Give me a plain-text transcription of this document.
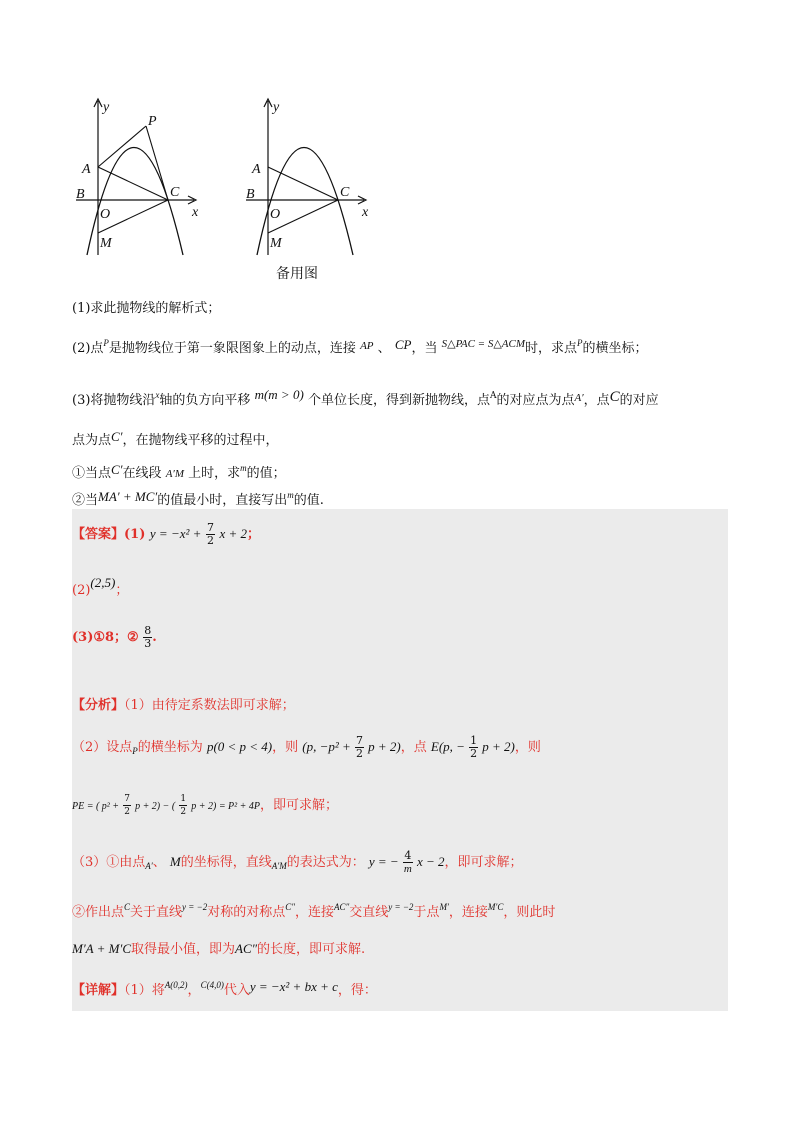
y
P
A
B	C
O	x
M
y
A
B	C
O	x
M
备用图
(1)求此抛物线的解析式；
(2)点$^P$是抛物线位于第一象限图象上的动点，连接 $^{AP}$ 、 CP，当 $^{S\triangle PAC = S\triangle ACM}$时，求点$^P$的横坐标；
(3)将抛物线沿$^x$轴的负方向平移 m(m > 0) 个单位长度，得到新抛物线，点$^A$的对应点为点$^{A'}$，点C的对应
点为点C′，在抛物线平移的过程中，
①当点C′在线段 A′M 上时，求$^m$的值；
②当MA′ + MC′的值最小时，直接写出$^m$的值.
【答案】(1) $y = -x^2 + \frac{7}{2}$ x + 2；
(2)(2,5)；
(3)①8；② $\frac{8}{3}$ .
【分析】（1）由待定系数法即可求解；
（2）设点$_P$的横坐标为 p(0 < p < 4)，则 (p, $-p^2 + \frac{7}{2}$ p + 2)，点 E(p, − $\frac{1}{2}$ p + 2)，则
PE = ( $p^2 + \frac{7}{2}$ p + 2) − ( $\frac{1}{2}$ p + 2) = P² + 4P，即可求解；
（3）①由点$_{A'}$、 M的坐标得，直线$_{A'M}$的表达式为： y = − $\frac{4}{m}$ x − 2，即可求解；
②作出点$^C$关于直线$^{y = -2}$对称的对称点$^{C''}$，连接$^{AC''}$交直线$^{y = -2}$于点$^{M'}$，连接$^{M'C}$，则此时
M′A + M′C取得最小值，即为AC″的长度，即可求解.
【详解】（1）将$^{A(0,2)}$，$^{C(4,0)}$代入y = −x² + bx + c，得：
